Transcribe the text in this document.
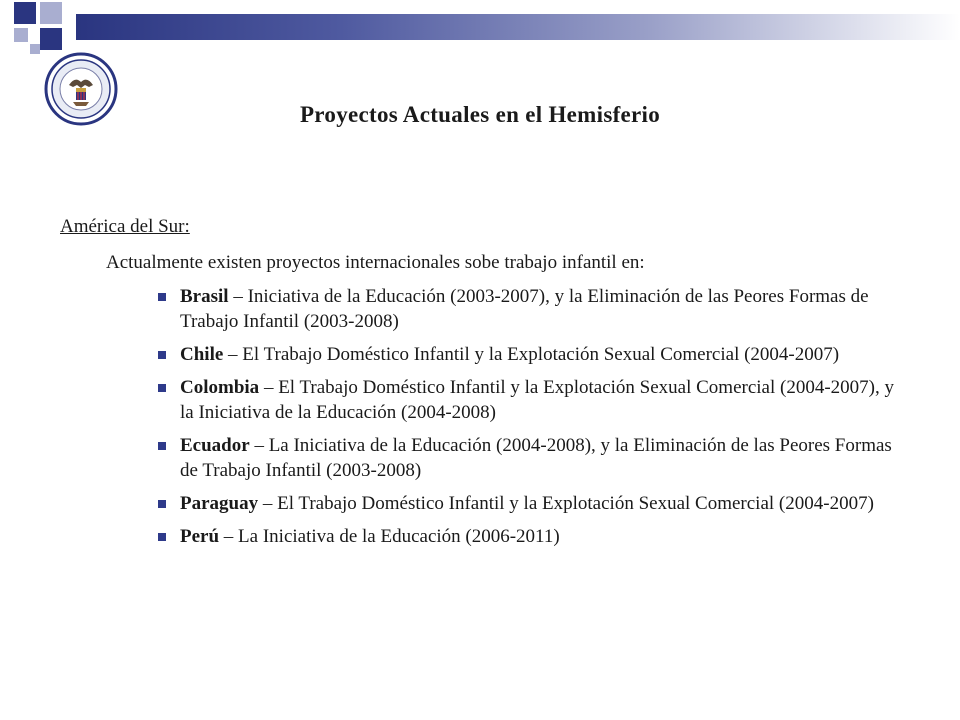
Proyectos Actuales en el Hemisferio
América del Sur:
Actualmente existen proyectos internacionales sobe trabajo infantil en:
Brasil – Iniciativa de la Educación (2003-2007), y la Eliminación de las Peores Formas de Trabajo Infantil (2003-2008)
Chile – El Trabajo Doméstico Infantil y la Explotación Sexual Comercial (2004-2007)
Colombia – El Trabajo Doméstico Infantil y la Explotación Sexual Comercial (2004-2007), y la Iniciativa de la Educación (2004-2008)
Ecuador – La Iniciativa de la Educación (2004-2008), y la Eliminación de las Peores Formas de Trabajo Infantil (2003-2008)
Paraguay – El Trabajo Doméstico Infantil y la Explotación Sexual Comercial (2004-2007)
Perú – La Iniciativa de la Educación (2006-2011)
